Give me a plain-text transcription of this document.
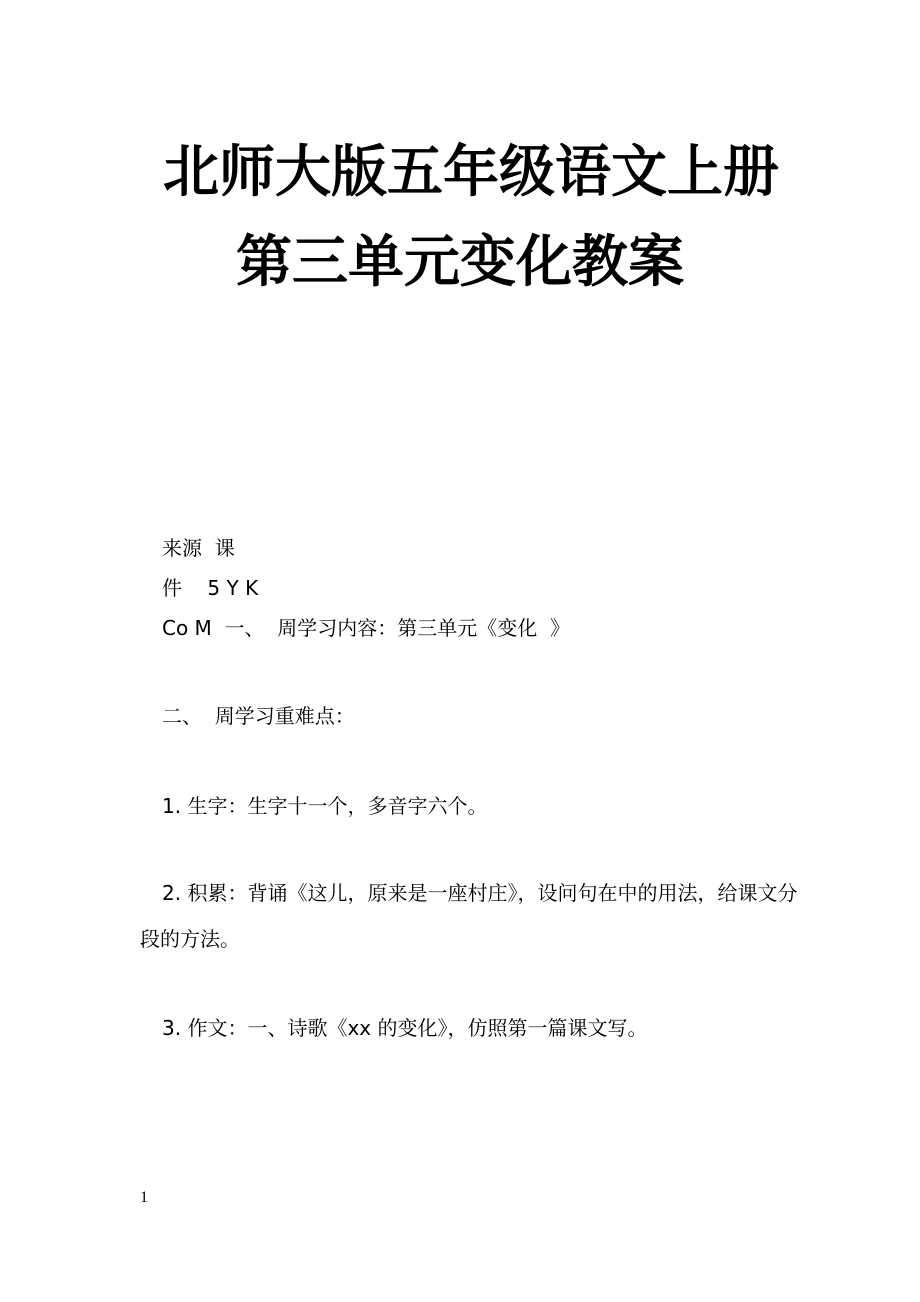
北师大版五年级语文上册
第三单元变化教案
来源  课
件    5 Y K
Co M  一、  周学习内容：第三单元《变化  》
二、  周学习重难点：
1. 生字：生字十一个，多音字六个。
2. 积累：背诵《这儿，原来是一座村庄》，设问句在中的用法，给课文分段的方法。
3. 作文：一、诗歌《xx 的变化》，仿照第一篇课文写。
1
